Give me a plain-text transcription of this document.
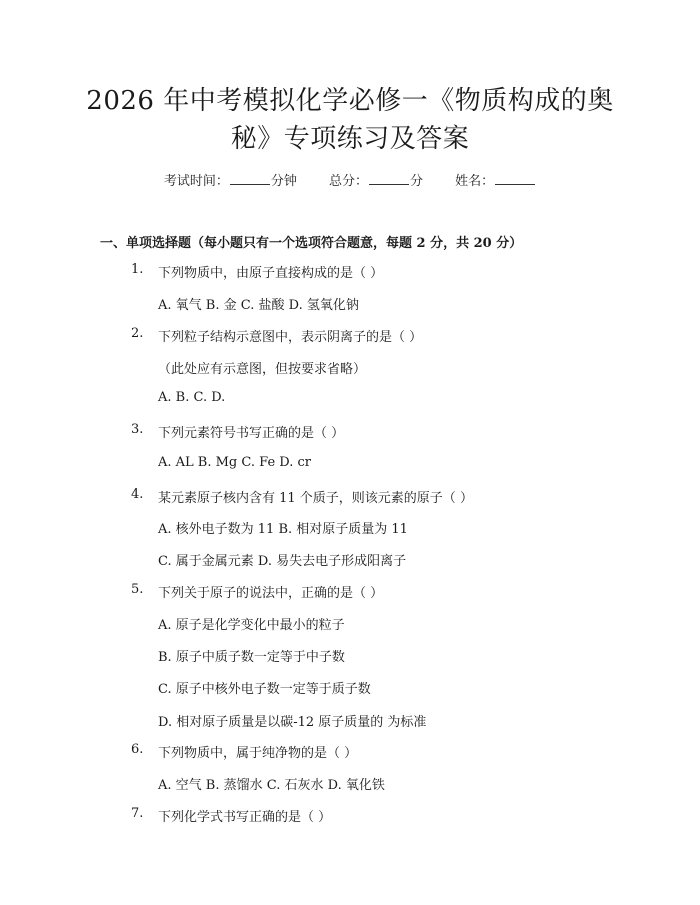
2026 年中考模拟化学必修一《物质构成的奥
秘》专项练习及答案
考试时间：	分钟 总分：	分 姓名：
一、单项选择题（每小题只有一个选项符合题意，每题 2 分，共 20 分）
1. 下列物质中，由原子直接构成的是（ ）
A. 氧气 B. 金 C. 盐酸 D. 氢氧化钠
2. 下列粒子结构示意图中，表示阴离子的是（ ）
（此处应有示意图，但按要求省略）
A. B. C. D.
3. 下列元素符号书写正确的是（ ）
A. AL B. Mg C. Fe D. cr
4. 某元素原子核内含有 11 个质子，则该元素的原子（ ）
A. 核外电子数为 11 B. 相对原子质量为 11
C. 属于金属元素 D. 易失去电子形成阳离子
5. 下列关于原子的说法中，正确的是（ ）
A. 原子是化学变化中最小的粒子
B. 原子中质子数一定等于中子数
C. 原子中核外电子数一定等于质子数
D. 相对原子质量是以碳-12 原子质量的 为标准
6. 下列物质中，属于纯净物的是（ ）
A. 空气 B. 蒸馏水 C. 石灰水 D. 氧化铁
7. 下列化学式书写正确的是（ ）
